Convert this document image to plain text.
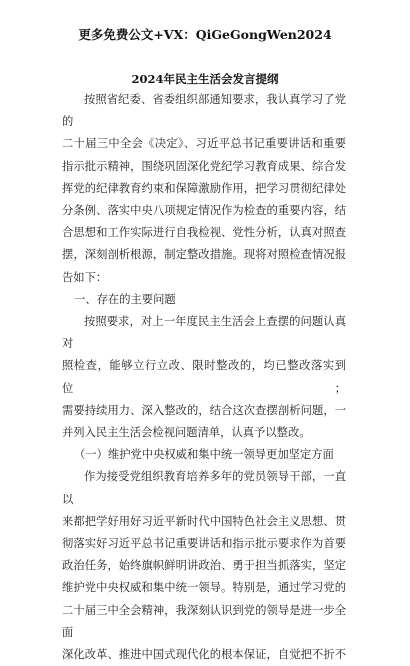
更多免费公文+VX：QiGeGongWen2024
2024年民主生活会发言提纲

按照省纪委、省委组织部通知要求，我认真学习了党的

二十届三中全会《决定》、习近平总书记重要讲话和重要

指示批示精神，围绕巩固深化党纪学习教育成果、综合发

挥党的纪律教育约束和保障激励作用，把学习贯彻纪律处

分条例、落实中央八项规定情况作为检查的重要内容，结

合思想和工作实际进行自我检视、党性分析，认真对照查

摆，深刻剖析根源，制定整改措施。现将对照检查情况报

告如下：

一、存在的主要问题

按照要求，对上一年度民主生活会上查摆的问题认真对

照检查，能够立行立改、限时整改的，均已整改落实到位；

需要持续用力、深入整改的，结合这次查摆剖析问题，一

并列入民主生活会检视问题清单，认真予以整改。

（一）维护党中央权威和集中统一领导更加坚定方面

作为接受党组织教育培养多年的党员领导干部，一直以

来都把学好用好习近平新时代中国特色社会主义思想、贯

彻落实好习近平总书记重要讲话和指示批示要求作为首要

政治任务，始终旗帜鲜明讲政治、勇于担当抓落实，坚定

维护党中央权威和集中统一领导。特别是，通过学习党的

二十届三中全会精神，我深刻认识到党的领导是进一步全面

深化改革、推进中国式现代化的根本保证，自觉把不折不
